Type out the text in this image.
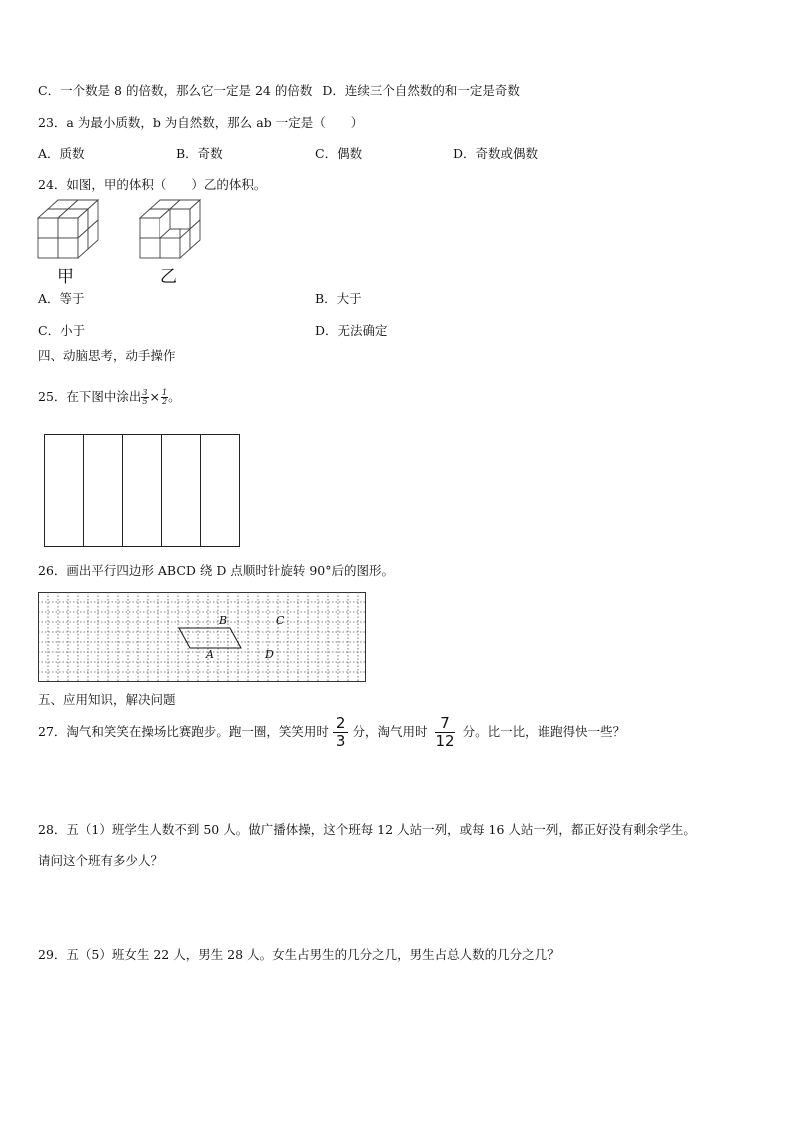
C．一个数是 8 的倍数，那么它一定是 24 的倍数 D．连续三个自然数的和一定是奇数
23．a 为最小质数，b 为自然数，那么 ab 一定是（　　）
A．质数	B．奇数	C．偶数	D．奇数或偶数
24．如图，甲的体积（　　）乙的体积。
甲	乙
A．等于	B．大于
C．小于	D．无法确定
四、动脑思考，动手操作
25．在下图中涂出 $\frac{3}{5} \times \frac{1}{2}$ 。
26．画出平行四边形 ABCD 绕 D 点顺时针旋转 90°后的图形。
A
B	C
D
五、应用知识，解决问题
27．淘气和笑笑在操场比赛跑步。跑一圈，笑笑用时 $\frac{2}{3}$ 分，淘气用时 $\frac{7}{12}$ 分。比一比，谁跑得快一些？
28．五（1）班学生人数不到 50 人。做广播体操，这个班每 12 人站一列，或每 16 人站一列，都正好没有剩余学生。
请问这个班有多少人？
29．五（5）班女生 22 人，男生 28 人。女生占男生的几分之几，男生占总人数的几分之几？
